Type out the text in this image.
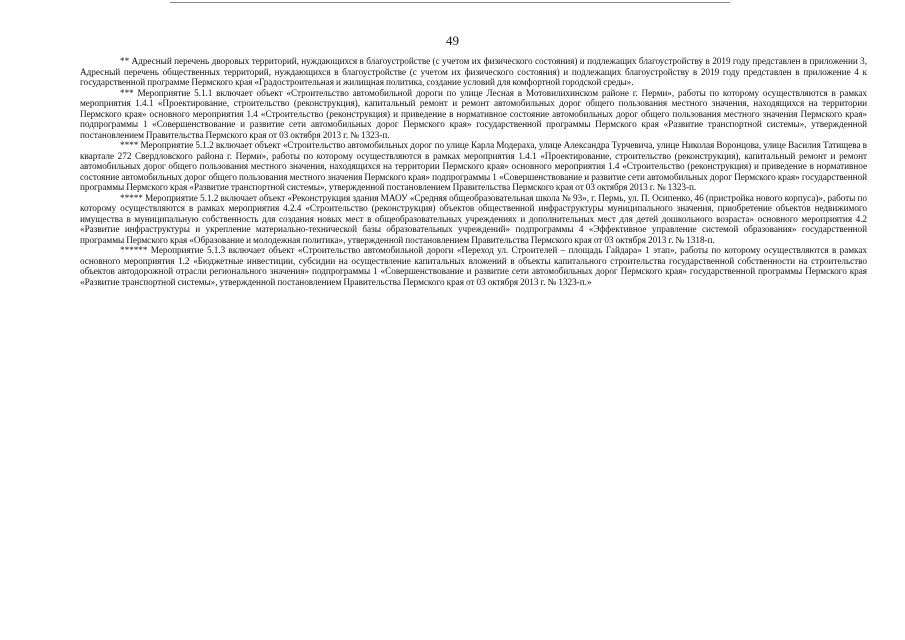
49

** Адресный перечень дворовых территорий, нуждающихся в благоустройстве (с учетом их физического состояния) и подлежащих благоустройству в 2019 году представлен в приложении 3, Адресный перечень общественных территорий, нуждающихся в благоустройстве (с учетом их физического состояния) и подлежащих благоустройству в 2019 году представлен в приложение 4 к государственной программе Пермского края «Градостроительная и жилищная политика, создание условий для комфортной городской среды».

*** Мероприятие 5.1.1 включает объект «Строительство автомобильной дороги по улице Лесная в Мотовилихинском районе г. Перми», работы по которому осуществляются в рамках мероприятия 1.4.1 «Проектирование, строительство (реконструкция), капитальный ремонт и ремонт автомобильных дорог общего пользования местного значения, находящихся на территории Пермского края» основного мероприятия 1.4 «Строительство (реконструкция) и приведение в нормативное состояние автомобильных дорог общего пользования местного значения Пермского края» подпрограммы 1 «Совершенствование и развитие сети автомобильных дорог Пермского края» государственной программы Пермского края «Развитие транспортной системы», утвержденной постановлением Правительства Пермского края от 03 октября 2013 г. № 1323-п.

**** Мероприятие 5.1.2 включает объект «Строительство автомобильных дорог по улице Карла Модераха, улице Александра Турчевича, улице Николая Воронцова, улице Василия Татищева в квартале 272 Свердловского района г. Перми», работы по которому осуществляются в рамках мероприятия 1.4.1 «Проектирование, строительство (реконструкция), капитальный ремонт и ремонт автомобильных дорог общего пользования местного значения, находящихся на территории Пермского края» основного мероприятия 1.4 «Строительство (реконструкция) и приведение в нормативное состояние автомобильных дорог общего пользования местного значения Пермского края» подпрограммы 1 «Совершенствование и развитие сети автомобильных дорог Пермского края» государственной программы Пермского края «Развитие транспортной системы», утвержденной постановлением Правительства Пермского края от 03 октября 2013 г. № 1323-п.

***** Мероприятие 5.1.2 включает объект «Реконструкция здания МАОУ «Средняя общеобразовательная школа № 93», г. Пермь, ул. П. Осипенко, 46 (пристройка нового корпуса)», работы по которому осуществляются в рамках мероприятия 4.2.4 «Строительство (реконструкция) объектов общественной инфраструктуры муниципального значения, приобретение объектов недвижимого имущества в муниципальную собственность для создания новых мест в общеобразовательных учреждениях и дополнительных мест для детей дошкольного возраста» основного мероприятия 4.2 «Развитие инфраструктуры и укрепление материально-технической базы образовательных учреждений» подпрограммы 4 «Эффективное управление системой образования» государственной программы Пермского края «Образование и молодежная политика», утвержденной постановлением Правительства Пермского края от 03 октября 2013 г. № 1318-п.

****** Мероприятие 5.1.3 включает объект «Строительство автомобильной дороги «Переход ул. Строителей – площадь Гайдара» 1 этап», работы по которому осуществляются в рамках основного мероприятия 1.2 «Бюджетные инвестиции, субсидии на осуществление капитальных вложений в объекты капитального строительства государственной собственности на строительство объектов автодорожной отрасли регионального значения» подпрограммы 1 «Совершенствование и развитие сети автомобильных дорог Пермского края» государственной программы Пермского края «Развитие транспортной системы», утвержденной постановлением Правительства Пермского края от 03 октября 2013 г. № 1323-п.»
